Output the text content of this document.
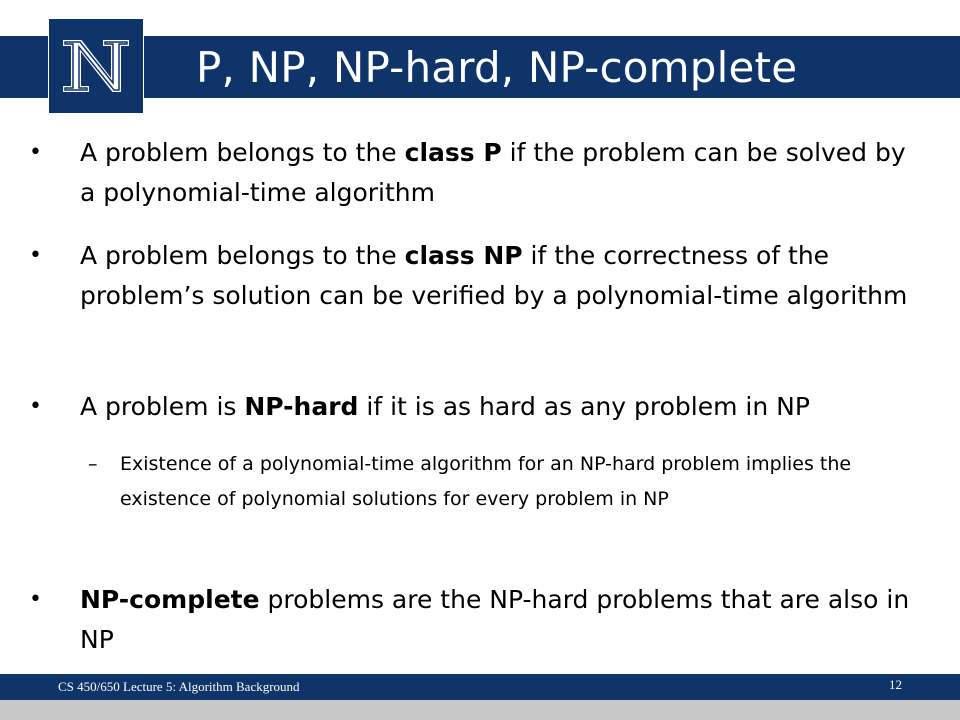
P, NP, NP-hard, NP-complete
• A problem belongs to the class P if the problem can be solved by a polynomial-time algorithm
• A problem belongs to the class NP if the correctness of the problem’s solution can be verified by a polynomial-time algorithm
• A problem is NP-hard if it is as hard as any problem in NP
– Existence of a polynomial-time algorithm for an NP-hard problem implies the existence of polynomial solutions for every problem in NP
• NP-complete problems are the NP-hard problems that are also in NP
CS 450/650 Lecture 5: Algorithm Background	12
